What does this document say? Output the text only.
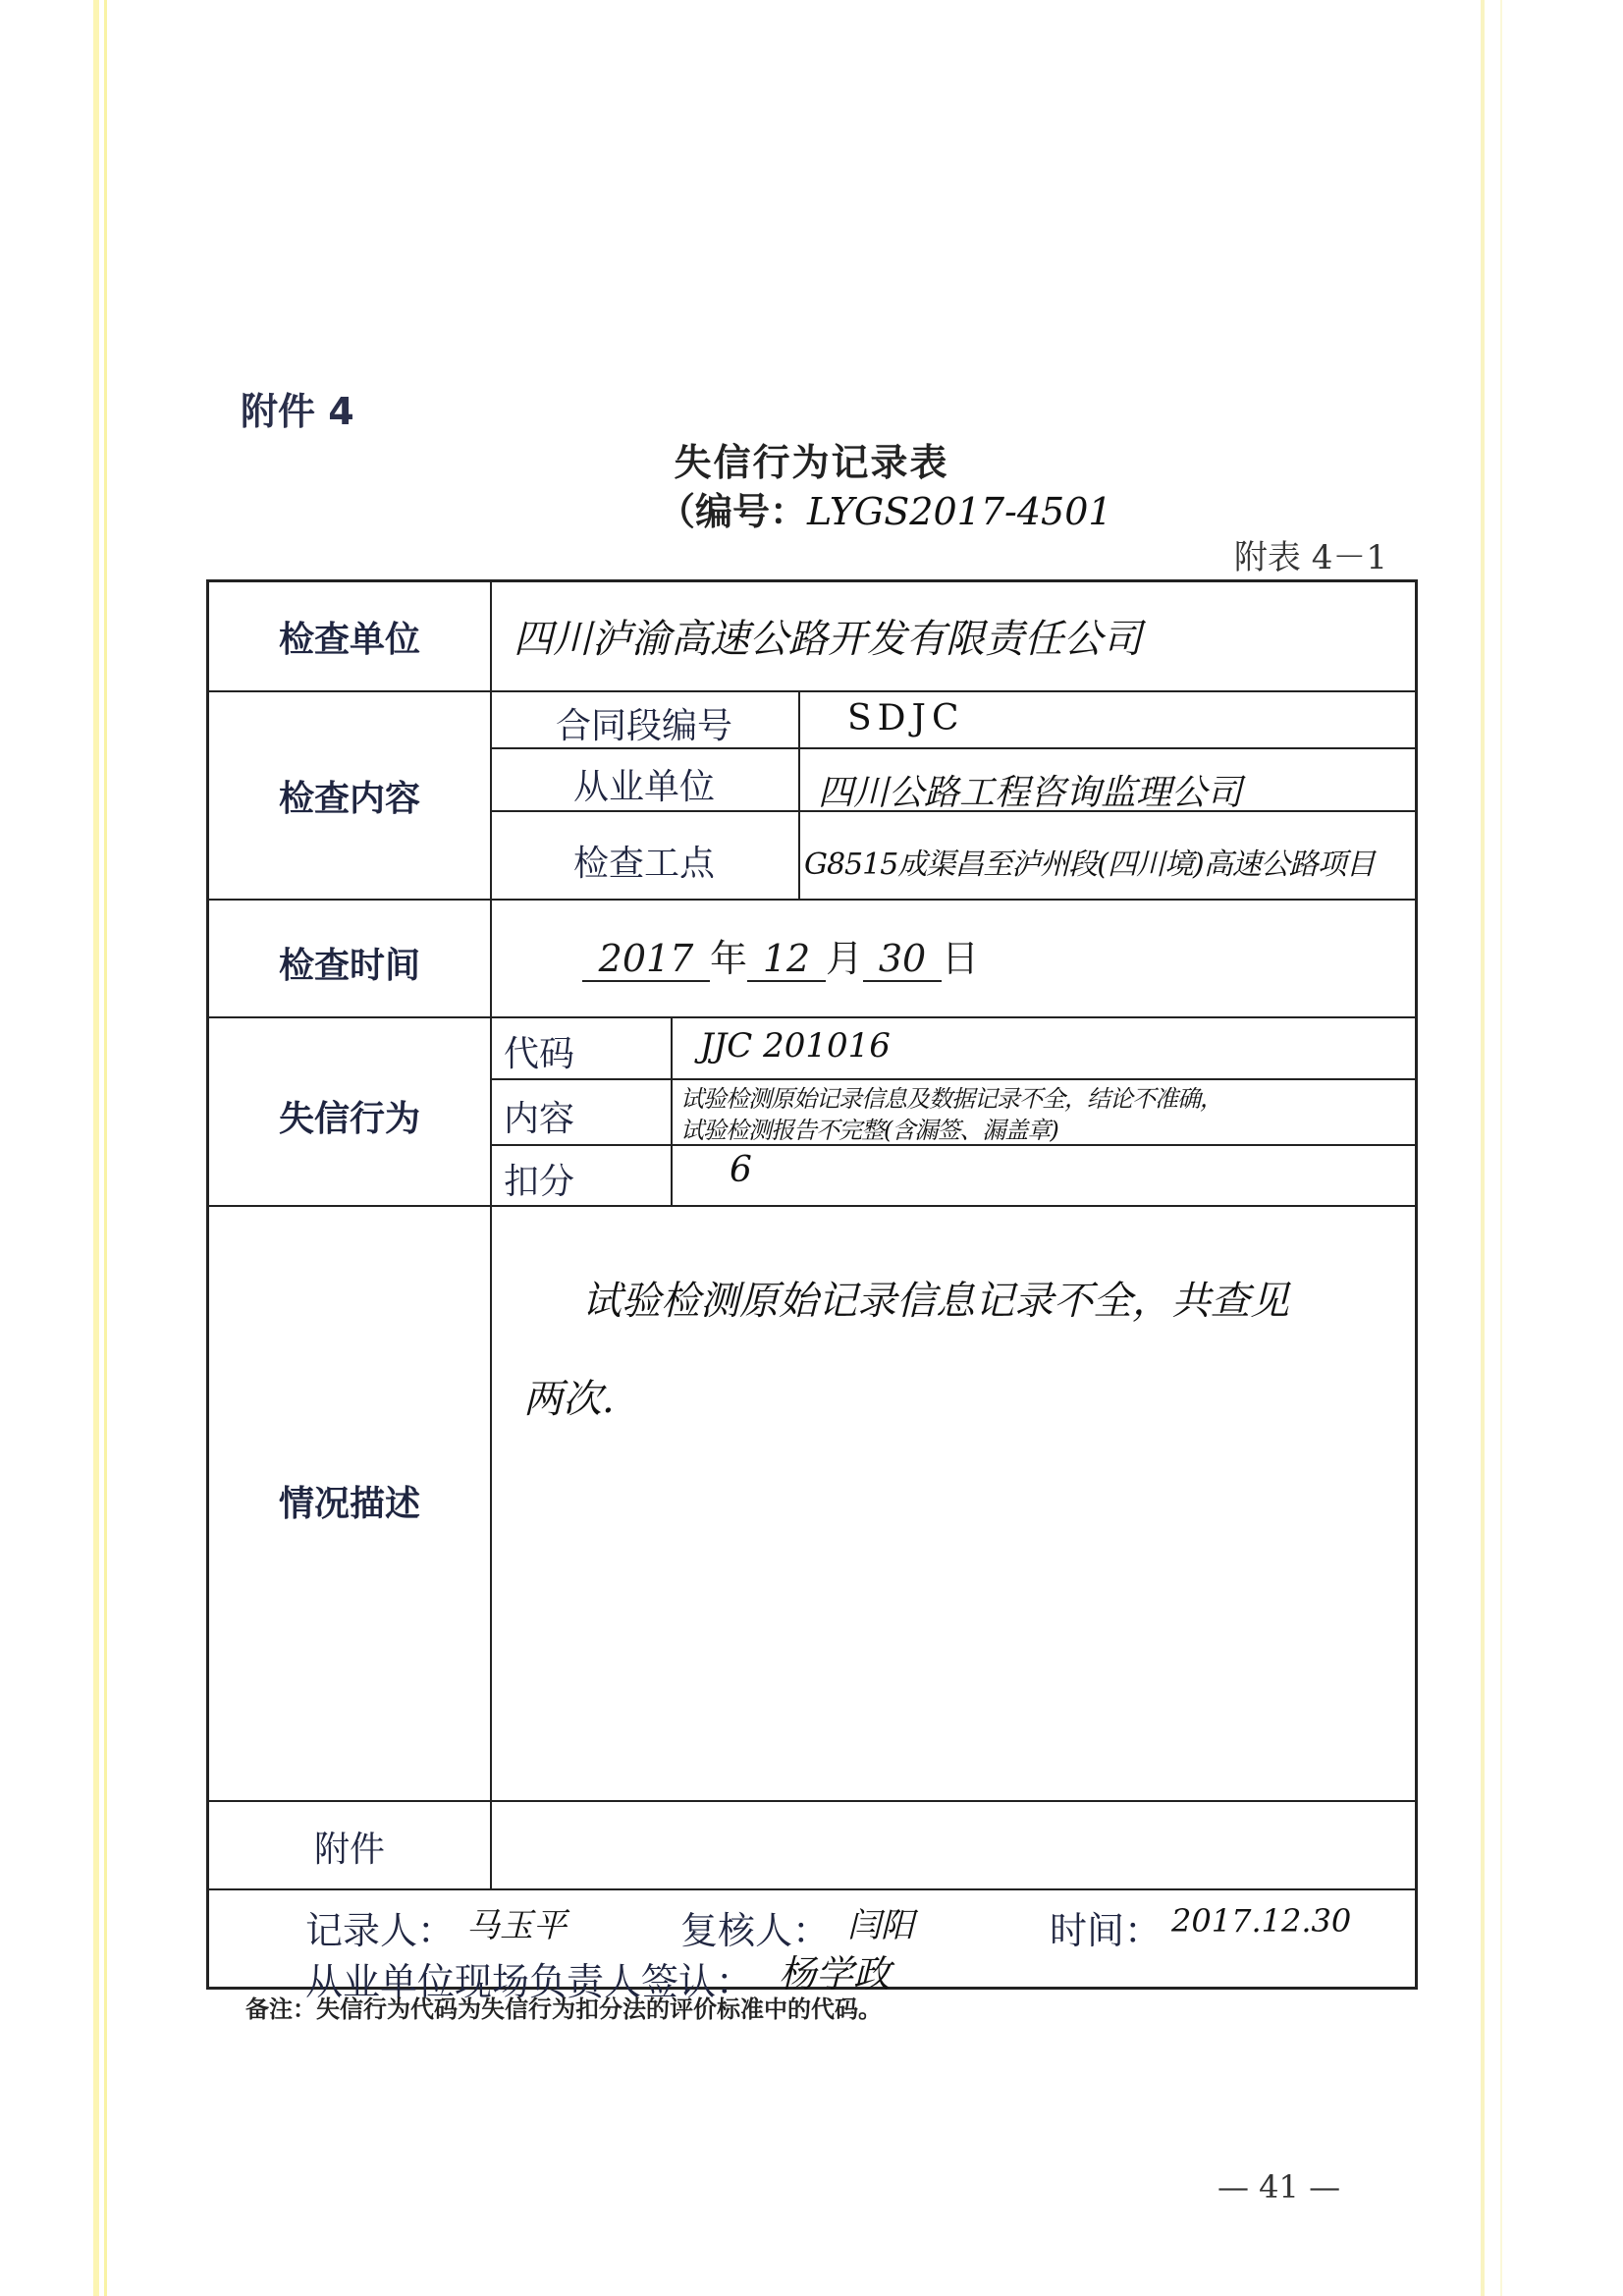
附件 4
失信行为记录表
（编号：LYGS2017-4501
附表 4－1
检查单位	四川泸渝高速公路开发有限责任公司
检查内容
合同段编号	SDJC
从业单位	四川公路工程咨询监理公司
检查工点	G8515成渠昌至泸州段(四川境)高速公路项目
检查时间	2017 年 12 月 30 日
失信行为
代码	JJC 201016
内容	试验检测原始记录信息及数据记录不全，结论不准确，
试验检测报告不完整(含漏签、漏盖章)
扣分	6
情况描述
试验检测原始记录信息记录不全，共查见
两次.
附件
记录人： 马玉平	复核人： 闫阳	时间： 2017.12.30
从业单位现场负责人签认： 杨学政
备注：失信行为代码为失信行为扣分法的评价标准中的代码。
— 41 —
